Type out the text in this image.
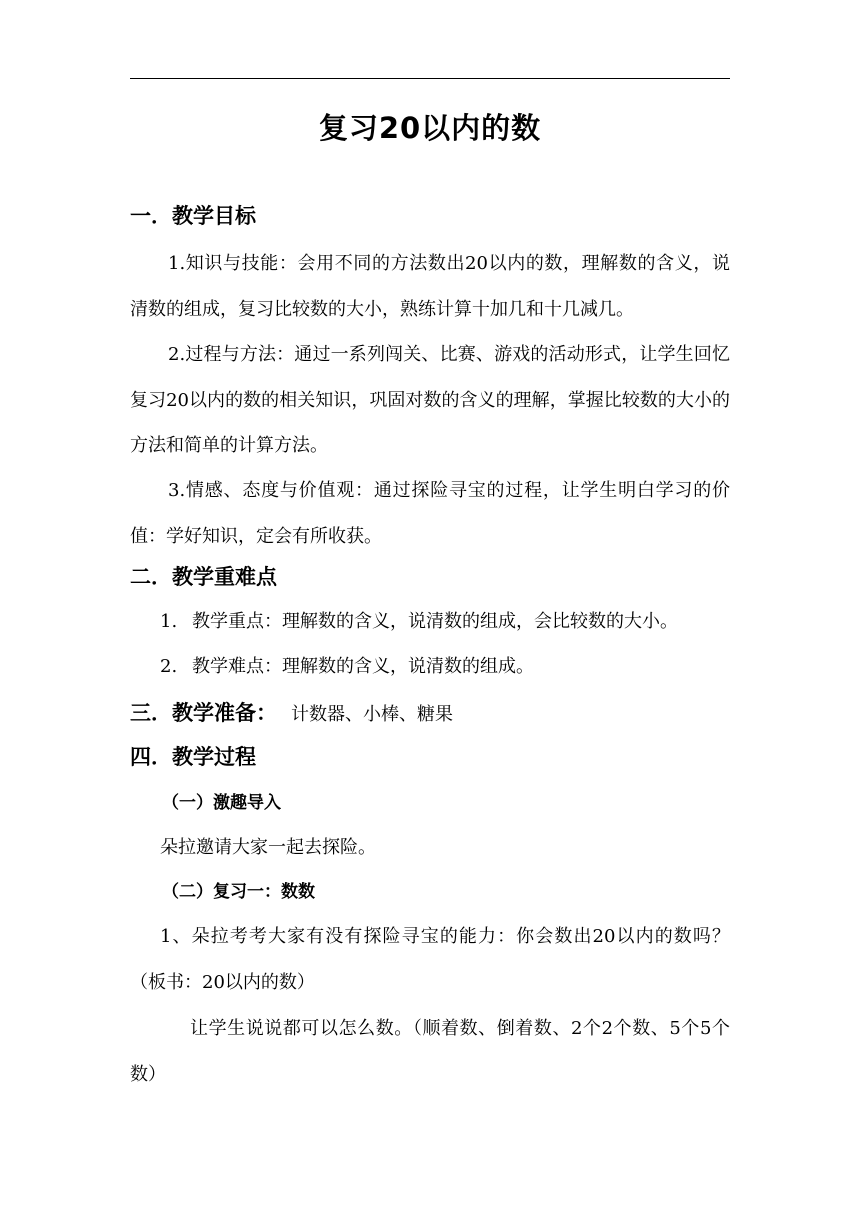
复习20以内的数
一．教学目标
1.知识与技能：会用不同的方法数出20以内的数，理解数的含义，说清数的组成，复习比较数的大小，熟练计算十加几和十几减几。
2.过程与方法：通过一系列闯关、比赛、游戏的活动形式，让学生回忆复习20以内的数的相关知识，巩固对数的含义的理解，掌握比较数的大小的方法和简单的计算方法。
3.情感、态度与价值观：通过探险寻宝的过程，让学生明白学习的价值：学好知识，定会有所收获。
二．教学重难点
1. 教学重点：理解数的含义，说清数的组成，会比较数的大小。
2. 教学难点：理解数的含义，说清数的组成。
三．教学准备： 计数器、小棒、糖果
四．教学过程
（一）激趣导入
朵拉邀请大家一起去探险。
（二）复习一：数数
1、朵拉考考大家有没有探险寻宝的能力：你会数出20以内的数吗？（板书：20以内的数）
让学生说说都可以怎么数。（顺着数、倒着数、2个2个数、5个5个数）
